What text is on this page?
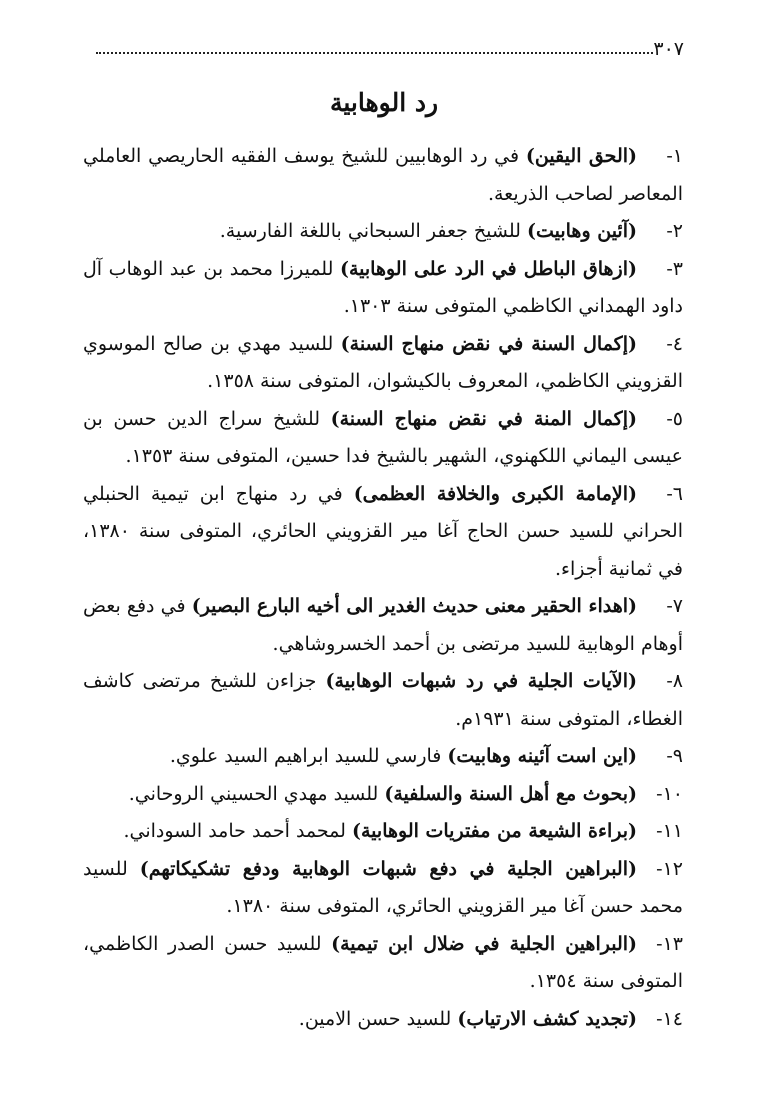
٣٠٧
رد الوهابية

١-(الحق اليقين) في رد الوهابيين للشيخ يوسف الفقيه الحاريصي العاملي المعاصر لصاحب الذريعة.

٢-(آئين وهابيت) للشيخ جعفر السبحاني باللغة الفارسية.

٣-(ازهاق الباطل في الرد على الوهابية) للميرزا محمد بن عبد الوهاب آل داود الهمداني الكاظمي المتوفى سنة ١٣٠٣.

٤-(إكمال السنة في نقض منهاج السنة) للسيد مهدي بن صالح الموسوي القزويني الكاظمي، المعروف بالكيشوان، المتوفى سنة ١٣٥٨.

٥-(إكمال المنة في نقض منهاج السنة) للشيخ سراج الدين حسن بن عيسى اليماني اللكهنوي، الشهير بالشيخ فدا حسين، المتوفى سنة ١٣٥٣.

٦-(الإمامة الكبرى والخلافة العظمى) في رد منهاج ابن تيمية الحنبلي الحراني للسيد حسن الحاج آغا مير القزويني الحائري، المتوفى سنة ١٣٨٠، في ثمانية أجزاء.

٧-(اهداء الحقير معنى حديث الغدير الى أخيه البارع البصير) في دفع بعض أوهام الوهابية للسيد مرتضى بن أحمد الخسروشاهي.

٨-(الآيات الجلية في رد شبهات الوهابية) جزاءن للشيخ مرتضى كاشف الغطاء، المتوفى سنة ١٩٣١م.

٩-(اين است آئينه وهابيت) فارسي للسيد ابراهيم السيد علوي.

١٠-(بحوث مع أهل السنة والسلفية) للسيد مهدي الحسيني الروحاني.

١١-(براءة الشيعة من مفتريات الوهابية) لمحمد أحمد حامد السوداني.

١٢-(البراهين الجلية في دفع شبهات الوهابية ودفع تشكيكاتهم) للسيد محمد حسن آغا مير القزويني الحائري، المتوفى سنة ١٣٨٠.

١٣-(البراهين الجلية في ضلال ابن تيمية) للسيد حسن الصدر الكاظمي، المتوفى سنة ١٣٥٤.

١٤-(تجديد كشف الارتياب) للسيد حسن الامين.
